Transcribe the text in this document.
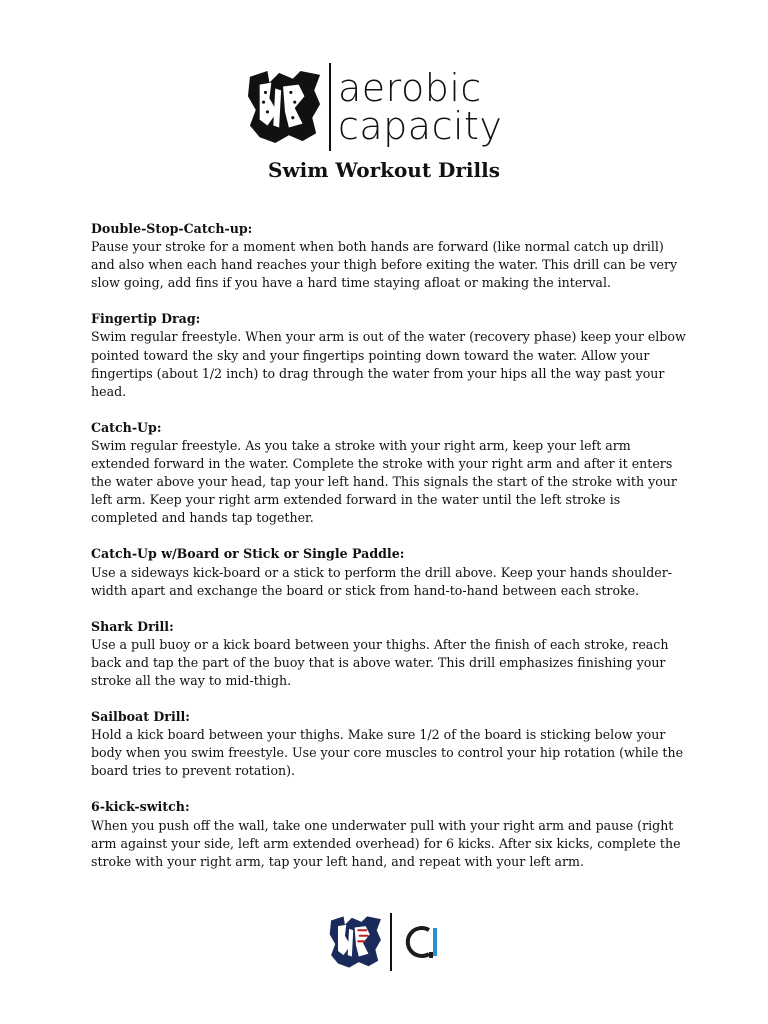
aerobic
capacity
Swim Workout Drills

Double-Stop-Catch-up:

Pause your stroke for a moment when both hands are forward (like normal catch up drill) and also when each hand reaches your thigh before exiting the water. This drill can be very slow going, add fins if you have a hard time staying afloat or making the interval.

Fingertip Drag:

Swim regular freestyle. When your arm is out of the water (recovery phase) keep your elbow pointed toward the sky and your fingertips pointing down toward the water. Allow your fingertips (about 1/2 inch) to drag through the water from your hips all the way past your head.

Catch-Up:

Swim regular freestyle. As you take a stroke with your right arm, keep your left arm extended forward in the water. Complete the stroke with your right arm and after it enters the water above your head, tap your left hand. This signals the start of the stroke with your left arm. Keep your right arm extended forward in the water until the left stroke is completed and hands tap together.

Catch-Up w/Board or Stick or Single Paddle:

Use a sideways kick-board or a stick to perform the drill above. Keep your hands shoulder-width apart and exchange the board or stick from hand-to-hand between each stroke.

Shark Drill:

Use a pull buoy or a kick board between your thighs. After the finish of each stroke, reach back and tap the part of the buoy that is above water. This drill emphasizes finishing your stroke all the way to mid-thigh.

Sailboat Drill:

Hold a kick board between your thighs. Make sure 1/2 of the board is sticking below your body when you swim freestyle. Use your core muscles to control your hip rotation (while the board tries to prevent rotation).

6-kick-switch:

When you push off the wall, take one underwater pull with your right arm and pause (right arm against your side, left arm extended overhead) for 6 kicks. After six kicks, complete the stroke with your right arm, tap your left hand, and repeat with your left arm.
